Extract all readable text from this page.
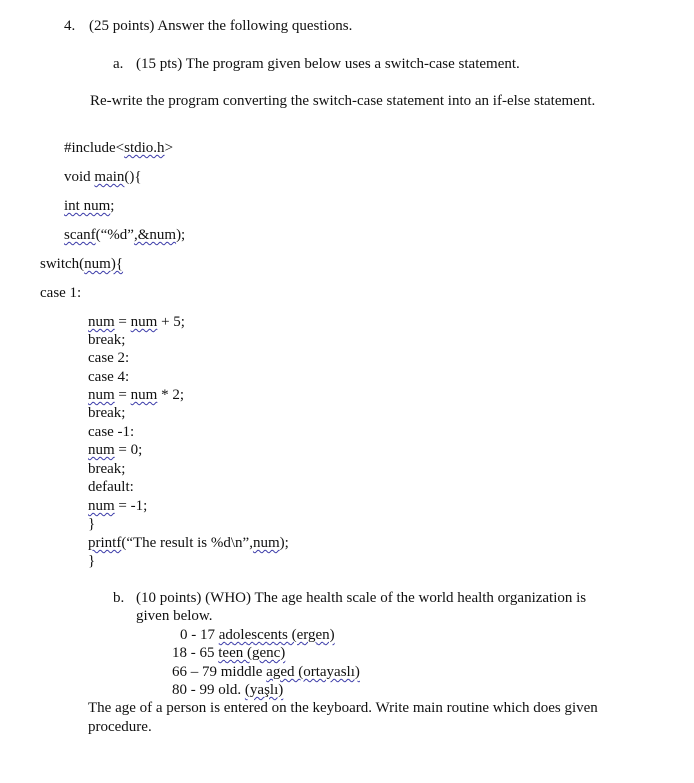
4. (25 points) Answer the following questions.
a. (15 pts) The program given below uses a switch-case statement.
Re-write the program converting the switch-case statement into an if-else statement.
#include<stdio.h>
void main(){
int num;
scanf(“%d”,&num);
switch(num){
case 1:
num = num + 5;
break;
case 2:
case 4:
num = num * 2;
break;
case -1:
num = 0;
break;
default:
num = -1;
}
printf(“The result is %d\n”,num);
}
b. (10 points) (WHO) The age health scale of the world health organization is
given below.
0 - 17 adolescents (ergen)
18 - 65 teen (genc)
66 – 79 middle aged (ortayaslı)
80 - 99 old. (yaşlı)
The age of a person is entered on the keyboard. Write main routine which does given
procedure.
